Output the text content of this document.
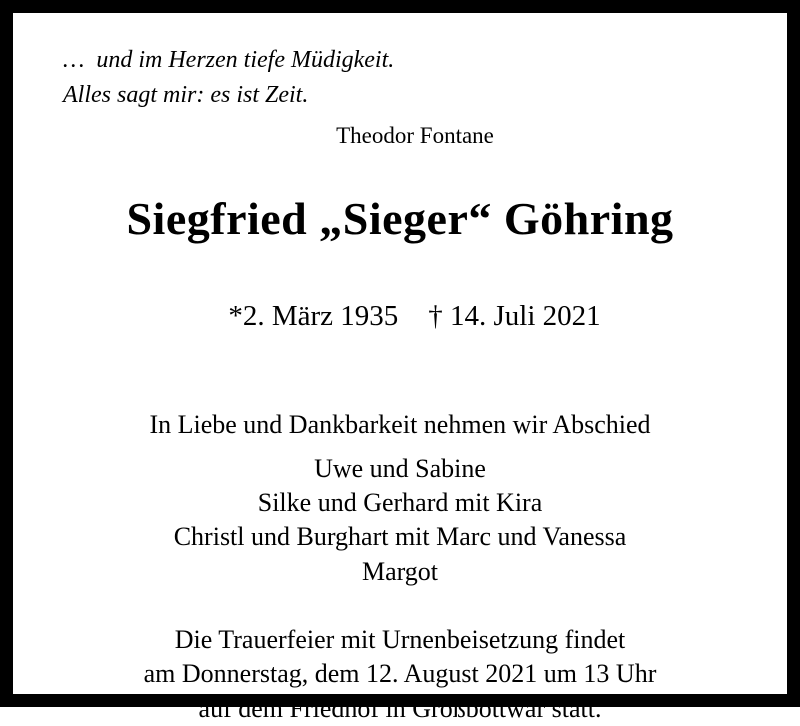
…  und im Herzen tiefe Müdigkeit.
Alles sagt mir: es ist Zeit.
Theodor Fontane
Siegfried „Sieger“ Göhring

*2. März 1935 † 14. Juli 2021

In Liebe und Dankbarkeit nehmen wir Abschied
Uwe und Sabine
Silke und Gerhard mit Kira
Christl und Burghart mit Marc und Vanessa
Margot
Die Trauerfeier mit Urnenbeisetzung findet
am Donnerstag, dem 12. August 2021 um 13 Uhr
auf dem Friedhof in Großbottwar statt.
